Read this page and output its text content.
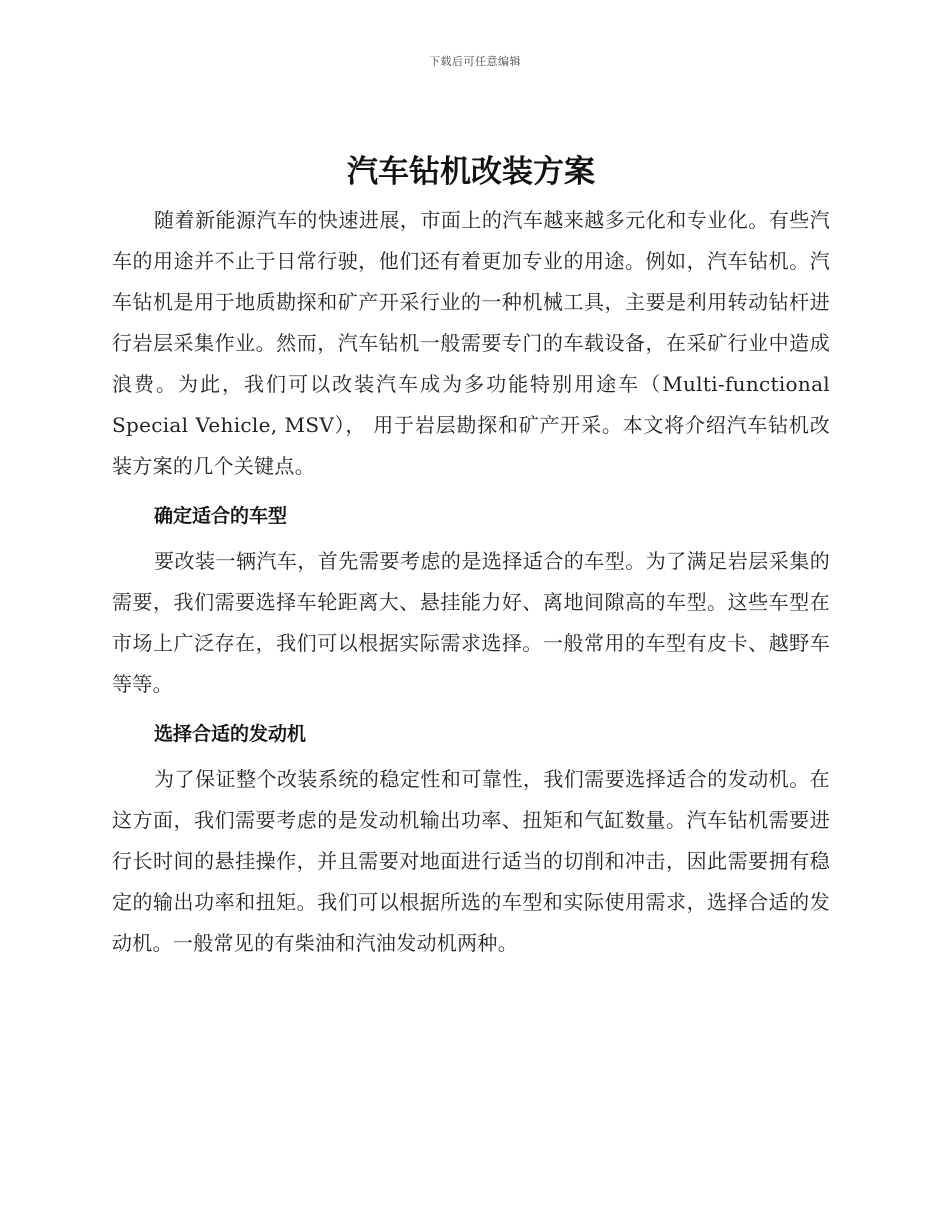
下载后可任意编辑
汽车钻机改装方案

随着新能源汽车的快速进展，市面上的汽车越来越多元化和专业化。有些汽车的用途并不止于日常行驶，他们还有着更加专业的用途。例如，汽车钻机。汽车钻机是用于地质勘探和矿产开采行业的一种机械工具，主要是利用转动钻杆进行岩层采集作业。然而，汽车钻机一般需要专门的车载设备，在采矿行业中造成浪费。为此，我们可以改装汽车成为多功能特别用途车（Multi-functional Special Vehicle, MSV）， 用于岩层勘探和矿产开采。本文将介绍汽车钻机改装方案的几个关键点。

确定适合的车型

要改装一辆汽车，首先需要考虑的是选择适合的车型。为了满足岩层采集的需要，我们需要选择车轮距离大、悬挂能力好、离地间隙高的车型。这些车型在市场上广泛存在，我们可以根据实际需求选择。一般常用的车型有皮卡、越野车等等。

选择合适的发动机

为了保证整个改装系统的稳定性和可靠性，我们需要选择适合的发动机。在这方面，我们需要考虑的是发动机输出功率、扭矩和气缸数量。汽车钻机需要进行长时间的悬挂操作，并且需要对地面进行适当的切削和冲击，因此需要拥有稳定的输出功率和扭矩。我们可以根据所选的车型和实际使用需求，选择合适的发动机。一般常见的有柴油和汽油发动机两种。
